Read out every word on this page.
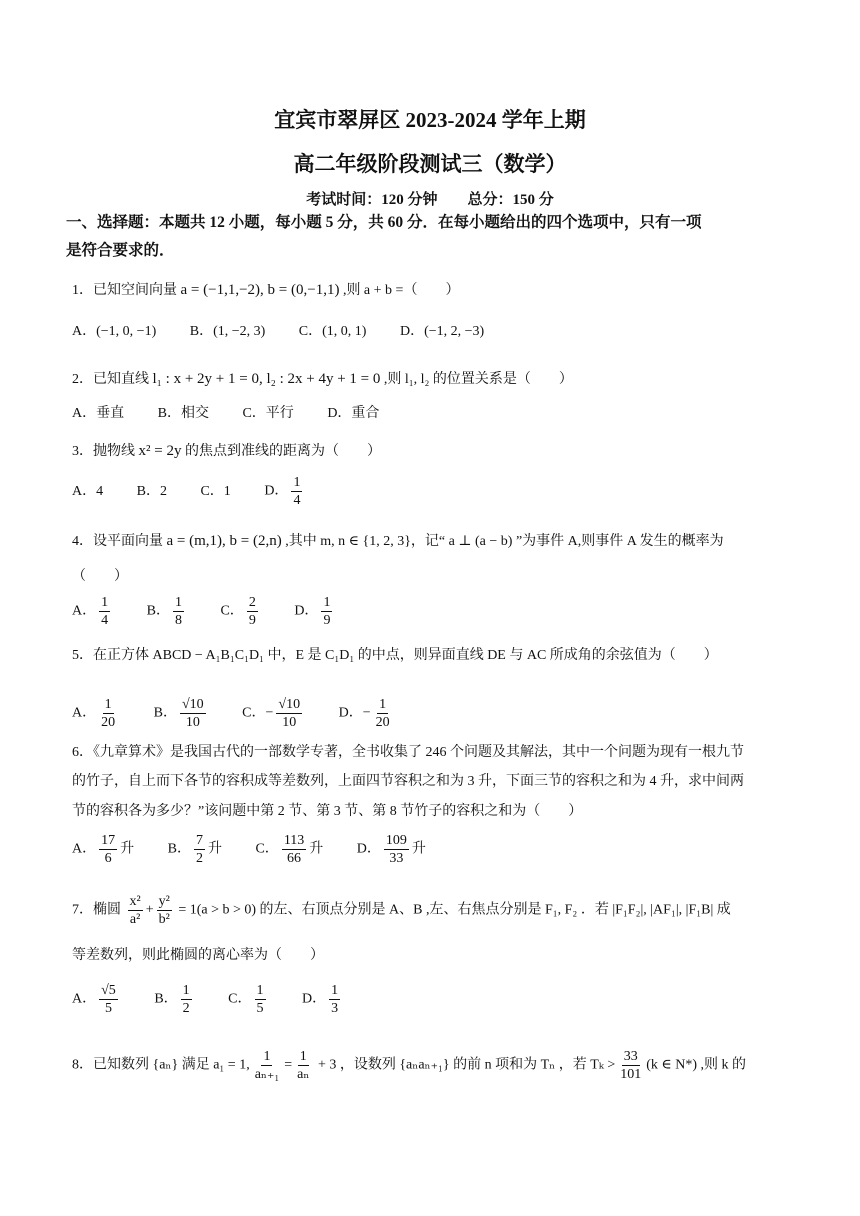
宜宾市翠屏区 2023-2024 学年上期
高二年级阶段测试三（数学）
考试时间：120 分钟　　总分：150 分
一、选择题：本题共 12 小题，每小题 5 分，共 60 分．在每小题给出的四个选项中，只有一项
是符合要求的．
1．已知空间向量 a = (−1,1,−2), b = (0,−1,1) ,则 a + b =（　　）
A．(−1, 0, −1) B．(1, −2, 3) C．(1, 0, 1) D．(−1, 2, −3)
2．已知直线 l₁ : x + 2y + 1 = 0, l₂ : 2x + 4y + 1 = 0 ,则 l₁, l₂ 的位置关系是（　　）
A．垂直 B．相交 C．平行 D．重合
3．抛物线 x² = 2y 的焦点到准线的距离为（　　）
A．4 B．2 C．1 D． $\frac{1}{4}$
4．设平面向量 a = (m,1), b = (2,n) ,其中 m, n ∈ {1, 2, 3}，记“ a ⊥ (a − b) ”为事件 A,则事件 A 发生的概率为
（　　）
A． $\frac{1}{4}$	B． $\frac{1}{8}$	C． $\frac{2}{9}$	D． $\frac{1}{9}$
5．在正方体 ABCD − A₁B₁C₁D₁ 中，E 是 C₁D₁ 的中点，则异面直线 DE 与 AC 所成角的余弦值为（　　）
A． $\frac{1}{20}$	B． $\frac{√10}{10}$	C．− $\frac{√10}{10}$	D．− $\frac{1}{20}$
6．《九章算术》是我国古代的一部数学专著，全书收集了 246 个问题及其解法，其中一个问题为现有一根九节
的竹子，自上而下各节的容积成等差数列，上面四节容积之和为 3 升，下面三节的容积之和为 4 升，求中间两
节的容积各为多少？”该问题中第 2 节、第 3 节、第 8 节竹子的容积之和为（　　）
A． $\frac{17}{6}$ 升 B． $\frac{7}{2}$ 升 C． $\frac{113}{66}$ 升 D． $\frac{109}{33}$ 升
7．椭圆 $\frac{\text{x²}}{\text{a²}} + \frac{\text{y²}}{\text{b²}} = 1(a > b > 0)$ 的左、右顶点分别是 A、B ,左、右焦点分别是 F₁, F₂ ．若 |F₁F₂|, |AF₁|, |F₁B| 成
等差数列，则此椭圆的离心率为（　　）
A． $\frac{√5}{5}$	B． $\frac{1}{2}$	C． $\frac{1}{5}$	D． $\frac{1}{3}$
8．已知数列 {aₙ} 满足 a₁ = 1, $\frac{1}{\text{aₙ₊₁}} = \frac{1}{\text{aₙ}} + 3$ ，设数列 {aₙaₙ₊₁} 的前 n 项和为 Tₙ ，若 $T_k > \frac{33}{101} (k$ ∈ N*) ,则 k 的
